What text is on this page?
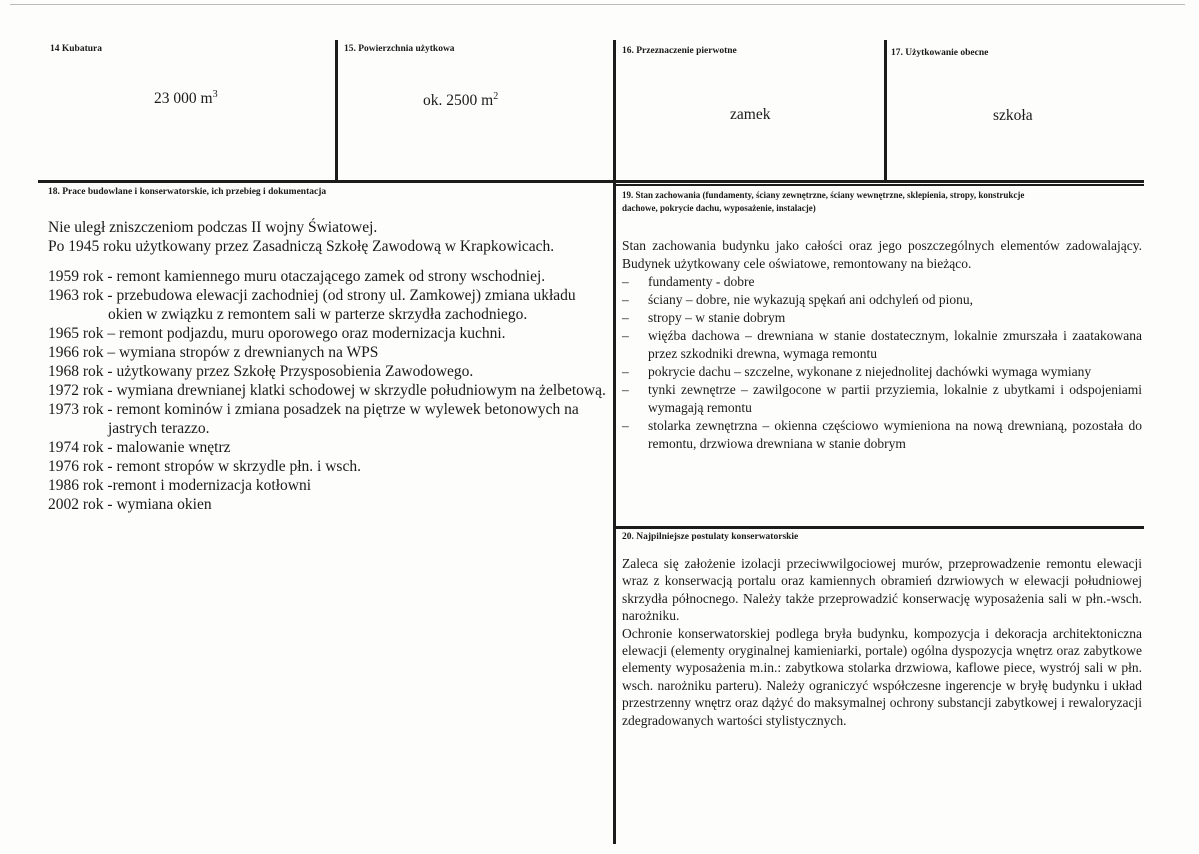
14 Kubatura
23 000 $m^3$
15. Powierzchnia użytkowa
ok. 2500 $m^2$
16. Przeznaczenie pierwotne
zamek
17. Użytkowanie obecne
szkoła
18. Prace budowlane i konserwatorskie, ich przebieg i dokumentacja

Nie uległ zniszczeniom podczas II wojny Światowej.

Po 1945 roku użytkowany przez Zasadniczą Szkołę Zawodową w Krapkowicach.

1959 rok - remont kamiennego muru otaczającego zamek od strony wschodniej.

1963 rok - przebudowa elewacji zachodniej (od strony ul. Zamkowej) zmiana układu okien w związku z remontem sali w parterze skrzydła zachodniego.

1965 rok – remont podjazdu, muru oporowego oraz modernizacja kuchni.

1966 rok – wymiana stropów z drewnianych na WPS

1968 rok - użytkowany przez Szkołę Przysposobienia Zawodowego.

1972 rok - wymiana drewnianej klatki schodowej w skrzydle południowym na żelbetową.

1973 rok - remont kominów i zmiana posadzek na piętrze w wylewek betonowych na jastrych terazzo.

1974 rok - malowanie wnętrz

1976 rok - remont stropów w skrzydle płn. i wsch.

1986 rok -remont i modernizacja kotłowni

2002 rok - wymiana okien

19. Stan zachowania (fundamenty, ściany zewnętrzne, ściany wewnętrzne, sklepienia, stropy, konstrukcje
dachowe, pokrycie dachu, wyposażenie, instalacje)

Stan zachowania budynku jako całości oraz jego poszczególnych elementów zadowalający. Budynek użytkowany cele oświatowe, remontowany na bieżąco.

– fundamenty - dobre
– ściany – dobre, nie wykazują spękań ani odchyleń od pionu,
– stropy – w stanie dobrym
– więźba dachowa – drewniana w stanie dostatecznym, lokalnie zmurszała i zaatakowana przez szkodniki drewna, wymaga remontu
– pokrycie dachu – szczelne, wykonane z niejednolitej dachówki wymaga wymiany
– tynki zewnętrze – zawilgocone w partii przyziemia, lokalnie z ubytkami i odspojeniami wymagają remontu
– stolarka zewnętrzna – okienna częściowo wymieniona na nową drewnianą, pozostała do remontu, drzwiowa drewniana w stanie dobrym
20. Najpilniejsze postulaty konserwatorskie

Zaleca się założenie izolacji przeciwwilgociowej murów, przeprowadzenie remontu elewacji wraz z konserwacją portalu oraz kamiennych obramień dzrwiowych w elewacji południowej skrzydła północnego. Należy także przeprowadzić konserwację wyposażenia sali w płn.-wsch. narożniku.

Ochronie konserwatorskiej podlega bryła budynku, kompozycja i dekoracja architektoniczna elewacji (elementy oryginalnej kamieniarki, portale) ogólna dyspozycja wnętrz oraz zabytkowe elementy wyposażenia m.in.: zabytkowa stolarka drzwiowa, kaflowe piece, wystrój sali w płn. wsch. narożniku parteru). Należy ograniczyć współczesne ingerencje w bryłę budynku i układ przestrzenny wnętrz oraz dążyć do maksymalnej ochrony substancji zabytkowej i rewaloryzacji zdegradowanych wartości stylistycznych.
